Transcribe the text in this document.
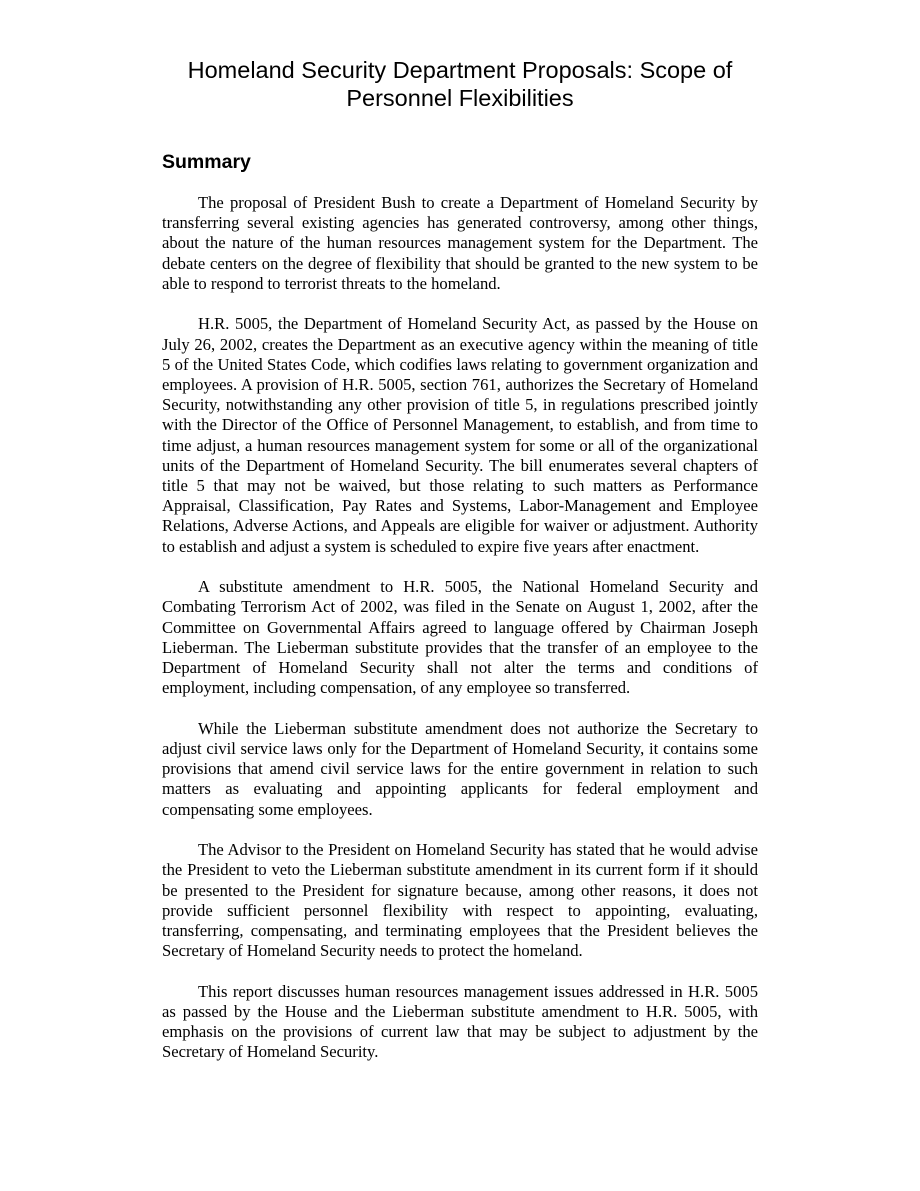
Homeland Security Department Proposals: Scope of
Personnel Flexibilities
Summary

The proposal of President Bush to create a Department of Homeland Security by transferring several existing agencies has generated controversy, among other things, about the nature of the human resources management system for the Department. The debate centers on the degree of flexibility that should be granted to the new system to be able to respond to terrorist threats to the homeland.

H.R. 5005, the Department of Homeland Security Act, as passed by the House on July 26, 2002, creates the Department as an executive agency within the meaning of title 5 of the United States Code, which codifies laws relating to government organization and employees. A provision of H.R. 5005, section 761, authorizes the Secretary of Homeland Security, notwithstanding any other provision of title 5, in regulations prescribed jointly with the Director of the Office of Personnel Management, to establish, and from time to time adjust, a human resources management system for some or all of the organizational units of the Department of Homeland Security. The bill enumerates several chapters of title 5 that may not be waived, but those relating to such matters as Performance Appraisal, Classification, Pay Rates and Systems, Labor-Management and Employee Relations, Adverse Actions, and Appeals are eligible for waiver or adjustment. Authority to establish and adjust a system is scheduled to expire five years after enactment.

A substitute amendment to H.R. 5005, the National Homeland Security and Combating Terrorism Act of 2002, was filed in the Senate on August 1, 2002, after the Committee on Governmental Affairs agreed to language offered by Chairman Joseph Lieberman. The Lieberman substitute provides that the transfer of an employee to the Department of Homeland Security shall not alter the terms and conditions of employment, including compensation, of any employee so transferred.

While the Lieberman substitute amendment does not authorize the Secretary to adjust civil service laws only for the Department of Homeland Security, it contains some provisions that amend civil service laws for the entire government in relation to such matters as evaluating and appointing applicants for federal employment and compensating some employees.

The Advisor to the President on Homeland Security has stated that he would advise the President to veto the Lieberman substitute amendment in its current form if it should be presented to the President for signature because, among other reasons, it does not provide sufficient personnel flexibility with respect to appointing, evaluating, transferring, compensating, and terminating employees that the President believes the Secretary of Homeland Security needs to protect the homeland.

This report discusses human resources management issues addressed in H.R. 5005 as passed by the House and the Lieberman substitute amendment to H.R. 5005, with emphasis on the provisions of current law that may be subject to adjustment by the Secretary of Homeland Security.
